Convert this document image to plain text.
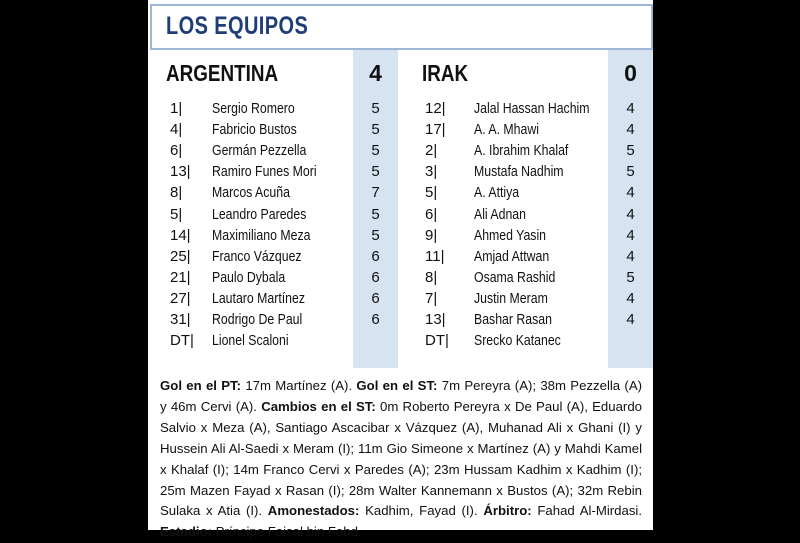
LOS EQUIPOS
ARGENTINA	4	IRAK	0
1| Sergio Romero	5
4| Fabricio Bustos	5
6| Germán Pezzella	5
13| Ramiro Funes Mori	5
8| Marcos Acuña	7
5| Leandro Paredes	5
14| Maximiliano Meza	5
25| Franco Vázquez	6
21| Paulo Dybala	6
27| Lautaro Martínez	6
31| Rodrigo De Paul	6
DT| Lionel Scaloni
12| Jalal Hassan Hachim	4
17| A. A. Mhawi	4
2| A. Ibrahim Khalaf	5
3| Mustafa Nadhim	5
5| A. Attiya	4
6| Ali Adnan	4
9| Ahmed Yasin	4
11| Amjad Attwan	4
8| Osama Rashid	5
7| Justin Meram	4
13| Bashar Rasan	4
DT| Srecko Katanec
Gol en el PT: 17m Martínez (A). Gol en el ST: 7m Pereyra (A); 38m Pezzella (A) y 46m Cervi (A). Cambios en el ST: 0m Roberto Pereyra x De Paul (A), Eduardo Salvio x Meza (A), Santiago Ascacibar x Vázquez (A), Muhanad Ali x Ghani (I) y Hussein Ali Al-Saedi x Meram (I); 11m Gio Simeone x Martínez (A) y Mahdi Kamel x Khalaf (I); 14m Franco Cervi x Paredes (A); 23m Hussam Kadhim x Kadhim (I); 25m Mazen Fayad x Rasan (I); 28m Walter Kannemann x Bustos (A); 32m Rebin Sulaka x Atia (I). Amonestados: Kadhim, Fayad (I). Árbitro: Fahad Al-Mirdasi. Estadio: Príncipe Faisal bin Fahd.
